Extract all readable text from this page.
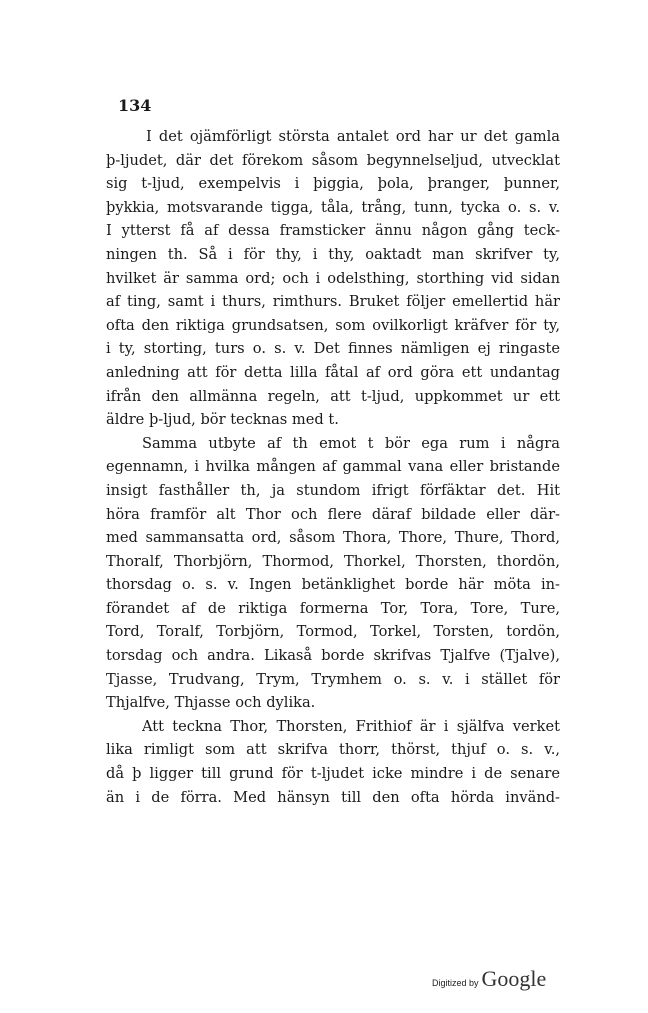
134
I det ojämförligt största antalet ord har ur det gamla
þ-ljudet, där det förekom såsom begynnelseljud, utvecklat
sig t-ljud, exempelvis i þiggia, þola, þranger, þunner,
þykkia, motsvarande tigga, tåla, trång, tunn, tycka o. s. v.
I ytterst få af dessa framsticker ännu någon gång teck-
ningen th. Så i för thy, i thy, oaktadt man skrifver ty,
hvilket är samma ord; och i odelsthing, storthing vid sidan
af ting, samt i thurs, rimthurs. Bruket följer emellertid här
ofta den riktiga grundsatsen, som ovilkorligt kräfver för ty,
i ty, storting, turs o. s. v. Det finnes nämligen ej ringaste
anledning att för detta lilla fåtal af ord göra ett undantag
ifrån den allmänna regeln, att t-ljud, uppkommet ur ett
äldre þ-ljud, bör tecknas med t.
Samma utbyte af th emot t bör ega rum i några
egennamn, i hvilka mången af gammal vana eller bristande
insigt fasthåller th, ja stundom ifrigt förfäktar det. Hit
höra framför alt Thor och flere däraf bildade eller där-
med sammansatta ord, såsom Thora, Thore, Thure, Thord,
Thoralf, Thorbjörn, Thormod, Thorkel, Thorsten, thordön,
thorsdag o. s. v. Ingen betänklighet borde här möta in-
förandet af de riktiga formerna Tor, Tora, Tore, Ture,
Tord, Toralf, Torbjörn, Tormod, Torkel, Torsten, tordön,
torsdag och andra. Likaså borde skrifvas Tjalfve (Tjalve),
Tjasse, Trudvang, Trym, Trymhem o. s. v. i stället för
Thjalfve, Thjasse och dylika.
Att teckna Thor, Thorsten, Frithiof är i själfva verket
lika rimligt som att skrifva thorr, thörst, thjuf o. s. v.,
då þ ligger till grund för t-ljudet icke mindre i de senare
än i de förra. Med hänsyn till den ofta hörda invänd-
Digitized by Google
